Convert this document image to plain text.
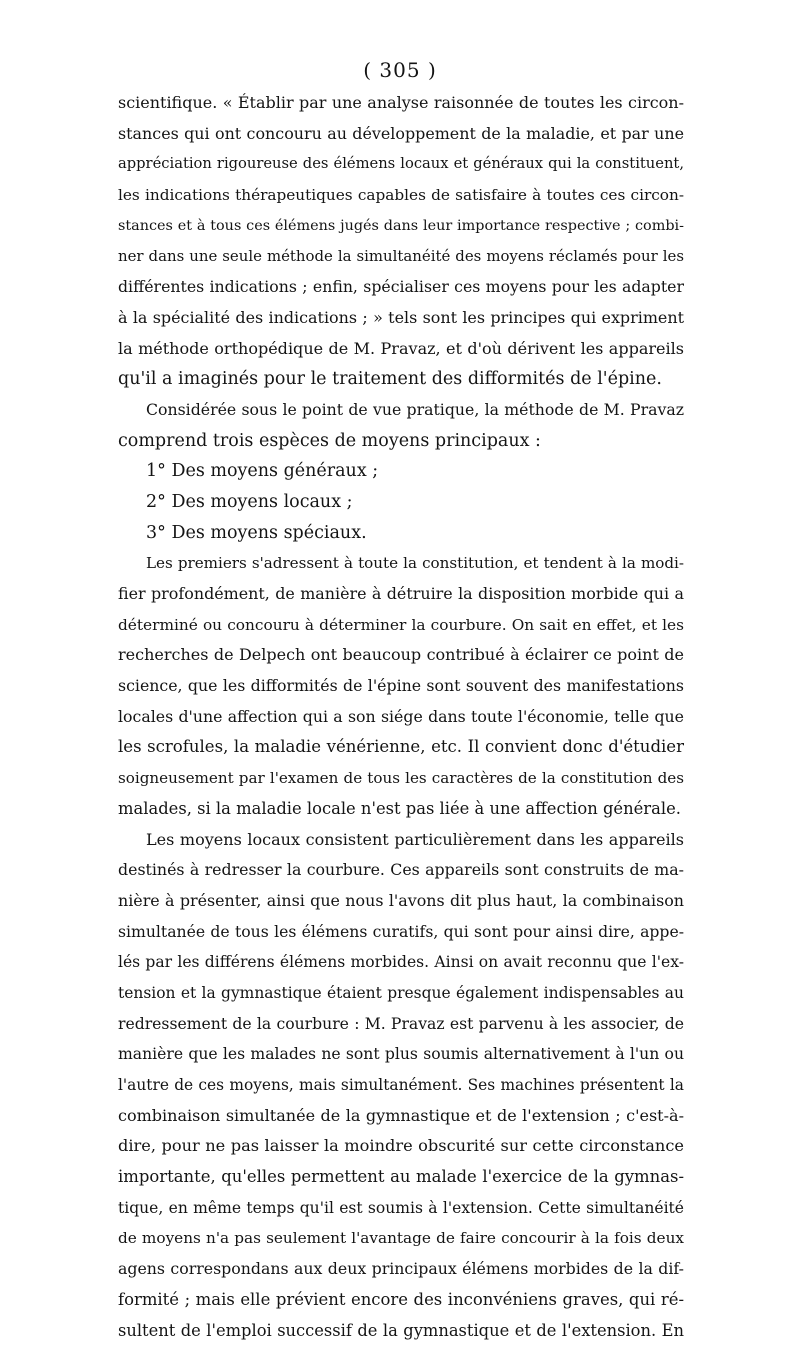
( 305 )
scientifique. « Établir par une analyse raisonnée de toutes les circon-
stances qui ont concouru au développement de la maladie, et par une
appréciation rigoureuse des élémens locaux et généraux qui la constituent,
les indications thérapeutiques capables de satisfaire à toutes ces circon-
stances et à tous ces élémens jugés dans leur importance respective ; combi-
ner dans une seule méthode la simultanéité des moyens réclamés pour les
différentes indications ; enfin, spécialiser ces moyens pour les adapter
à la spécialité des indications ; » tels sont les principes qui expriment
la méthode orthopédique de M. Pravaz, et d'où dérivent les appareils
qu'il a imaginés pour le traitement des difformités de l'épine.
Considérée sous le point de vue pratique, la méthode de M. Pravaz
comprend trois espèces de moyens principaux :
1° Des moyens généraux ;
2° Des moyens locaux ;
3° Des moyens spéciaux.
Les premiers s'adressent à toute la constitution, et tendent à la modi-
fier profondément, de manière à détruire la disposition morbide qui a
déterminé ou concouru à déterminer la courbure. On sait en effet, et les
recherches de Delpech ont beaucoup contribué à éclairer ce point de
science, que les difformités de l'épine sont souvent des manifestations
locales d'une affection qui a son siége dans toute l'économie, telle que
les scrofules, la maladie vénérienne, etc. Il convient donc d'étudier
soigneusement par l'examen de tous les caractères de la constitution des
malades, si la maladie locale n'est pas liée à une affection générale.
Les moyens locaux consistent particulièrement dans les appareils
destinés à redresser la courbure. Ces appareils sont construits de ma-
nière à présenter, ainsi que nous l'avons dit plus haut, la combinaison
simultanée de tous les élémens curatifs, qui sont pour ainsi dire, appe-
lés par les différens élémens morbides. Ainsi on avait reconnu que l'ex-
tension et la gymnastique étaient presque également indispensables au
redressement de la courbure : M. Pravaz est parvenu à les associer, de
manière que les malades ne sont plus soumis alternativement à l'un ou
l'autre de ces moyens, mais simultanément. Ses machines présentent la
combinaison simultanée de la gymnastique et de l'extension ; c'est-à-
dire, pour ne pas laisser la moindre obscurité sur cette circonstance
importante, qu'elles permettent au malade l'exercice de la gymnas-
tique, en même temps qu'il est soumis à l'extension. Cette simultanéité
de moyens n'a pas seulement l'avantage de faire concourir à la fois deux
agens correspondans aux deux principaux élémens morbides de la dif-
formité ; mais elle prévient encore des inconvéniens graves, qui ré-
sultent de l'emploi successif de la gymnastique et de l'extension. En
